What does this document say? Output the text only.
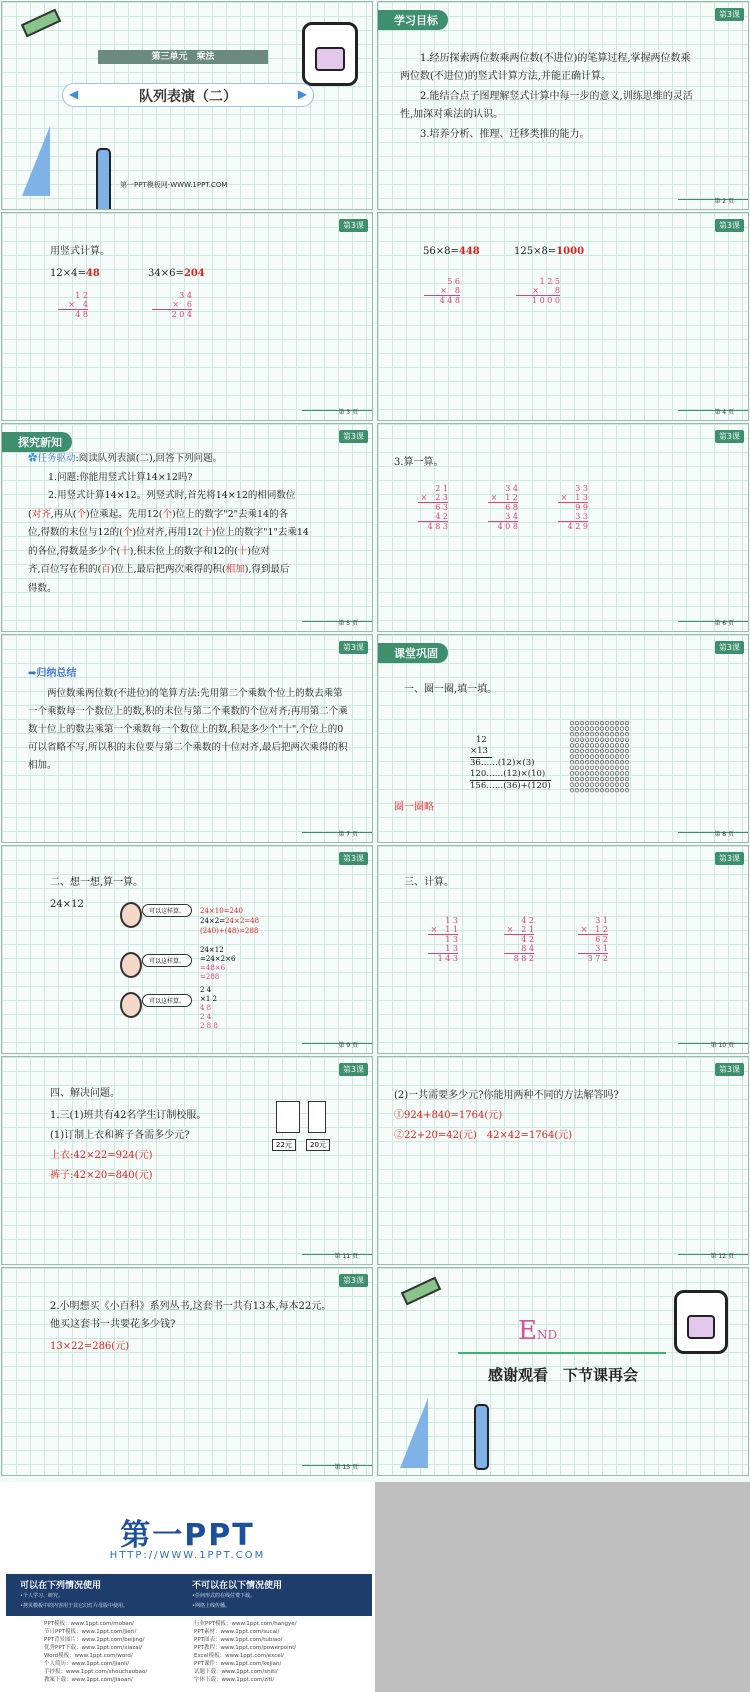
第三单元　乘法
◀	队列表演（二）	▶
第一PPT模板网-WWW.1PPT.COM
学习目标	第3课
1.经历探索两位数乘两位数(不进位)的笔算过程,掌握两位数乘两位数(不进位)的竖式计算方法,并能正确计算。
2.能结合点子图理解竖式计算中每一步的意义,训练思维的灵活性,加深对乘法的认识。
3.培养分析、推理、迁移类推的能力。
第 2 页
第3课
用竖式计算。
12×4=48	34×6=204
1 2
×　4
4 8
3 4
×　6
2 0 4
第 3 页
第3课
56×8=448	125×8=1000
5 6
×　8
4 4 8
1 2 5
×　　8
1 0 0 0
第 4 页
探究新知	第3课
✿任务驱动:阅读队列表演(二),回答下列问题。
1.问题:你能用竖式计算14×12吗?
2.用竖式计算14×12。列竖式时,首先将14×12的相同数位
(对齐,再从(个)位乘起。先用12(个)位上的数字"2"去乘14的各
位,得数的末位与12的(个)位对齐,再用12(十)位上的数字"1"去乘14
的各位,得数是多少个(十),积末位上的数字和12的(十)位对
齐,百位写在积的(百)位上,最后把两次乘得的积(相加),得到最后
得数。
第 5 页
第3课
3.算一算。
2 1
×　2 3
6 3
4 2
4 8 3
3 4
×　1 2
6 8
3 4
4 0 8
3 3
×　1 3
9 9
3 3
4 2 9
第 6 页
第3课
➡归纳总结
两位数乘两位数(不进位)的笔算方法:先用第二个乘数个位上的数去乘第一个乘数每一个数位上的数,积的末位与第二个乘数的个位对齐;再用第二个乘数十位上的数去乘第一个乘数每一个数位上的数,积是多少个"十",个位上的0可以省略不写,所以积的末位要与第二个乘数的十位对齐,最后把两次乘得的积相加。
第 7 页
课堂巩固	第3课
一、圈一圈,填一填。
12
×13
36……(12)×(3)
120……(12)×(10)
156……(36)+(120)
圈一圈略
第 8 页
第3课
二、想一想,算一算。
24×12
可以这样算。	24×10=240
24×2=24×2=48
(240)+(48)=288
可以这样算。
可以这样算。
24×12
=24×2×6
=48×6
=288
2 4
×1 2
4 8
2 4
2 8 8
第 9 页
第3课
三、计算。
1 3
×　1 1
1 3
1 3
1 4 3
4 2
×　2 1
4 2
8 4
8 8 2
3 1
×　1 2
6 2
3 1
3 7 2
第 10 页
第3课
四、解决问题。
1.三(1)班共有42名学生订制校服。
(1)订制上衣和裤子各需多少元?
上衣:42×22=924(元)
裤子:42×20=840(元)
22元	20元
第 11 页
第3课
(2)一共需要多少元?你能用两种不同的方法解答吗?
①924+840=1764(元)
②22+20=42(元)　42×42=1764(元)
第 12 页
第3课
2.小明想买《小百科》系列丛书,这套书一共有13本,每本22元。他买这套书一共要花多少钱?
13×22=286(元)
第 13 页
END
感谢观看　下节课再会
第一PPT
HTTP://WWW.1PPT.COM
可以在下列情况使用
•个人学习、研究。
•拷贝模板中的内容用于其它幻灯片母版中使用。
不可以在以下情况使用
•任何形式的在线付费下载。
•网络上线传播。
PPT模板：www.1ppt.com/moban/
节日PPT模板：www.1ppt.com/jieri/
PPT背景图片：www.1ppt.com/beijing/
优秀PPT下载：www.1ppt.com/xiazai/
Word模板：www.1ppt.com/word/
个人简历：www.1ppt.com/jianli/
手抄报：www.1ppt.com/shouchaobao/
教案下载：www.1ppt.com/jiaoan/
行业PPT模板：www.1ppt.com/hangye/
PPT素材：www.1ppt.com/sucai/
PPT图表：www.1ppt.com/tubiao/
PPT教程：www.1ppt.com/powerpoint/
Excel模板：www.1ppt.com/excel/
PPT课件：www.1ppt.com/kejian/
试题下载：www.1ppt.com/shiti/
字体下载：www.1ppt.com/ziti/
